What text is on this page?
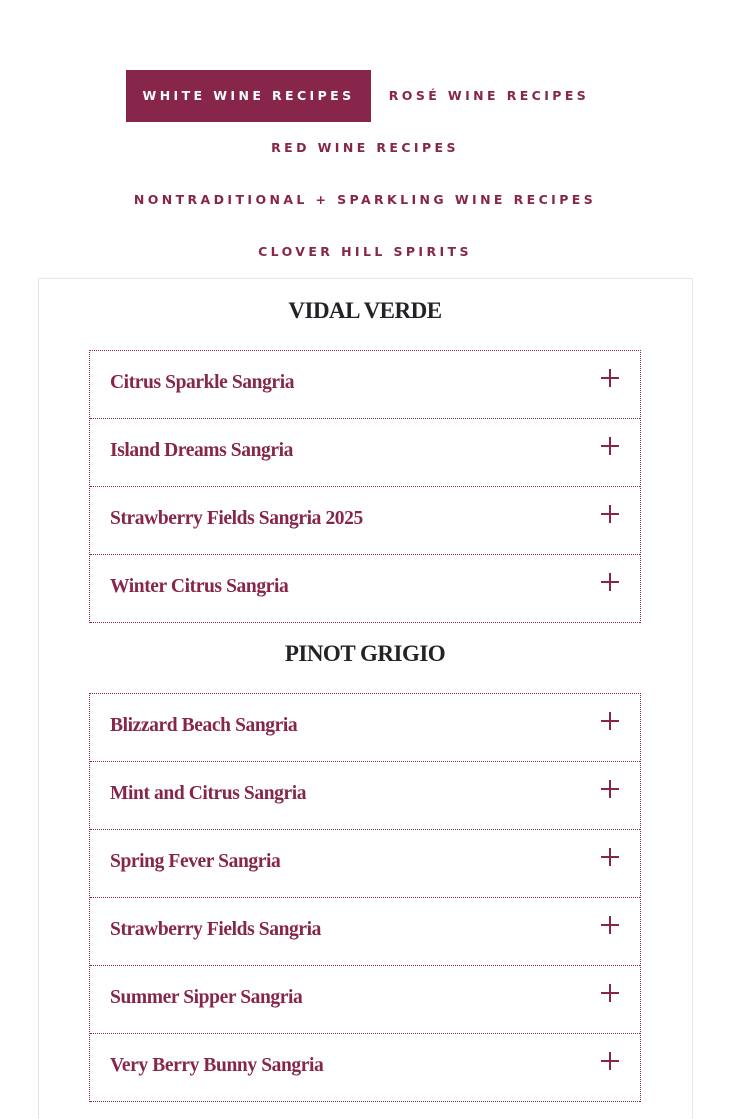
WHITE WINE RECIPES	ROSÉ WINE RECIPES
RED WINE RECIPES
NONTRADITIONAL + SPARKLING WINE RECIPES
CLOVER HILL SPIRITS
VIDAL VERDE
Citrus Sparkle Sangria
Island Dreams Sangria
Strawberry Fields Sangria 2025
Winter Citrus Sangria
PINOT GRIGIO
Blizzard Beach Sangria
Mint and Citrus Sangria
Spring Fever Sangria
Strawberry Fields Sangria
Summer Sipper Sangria
Very Berry Bunny Sangria
